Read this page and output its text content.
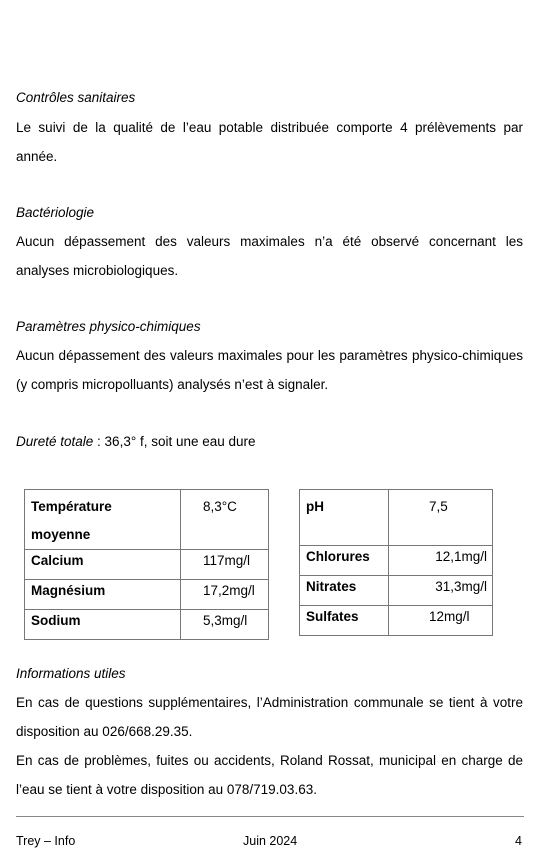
Contrôles sanitaires
Le suivi de la qualité de l’eau potable distribuée comporte 4 prélèvements par année.
Bactériologie
Aucun dépassement des valeurs maximales n’a été observé concernant les analyses microbiologiques.
Paramètres physico-chimiques
Aucun dépassement des valeurs maximales pour les paramètres physico-chimiques (y compris micropolluants) analysés n’est à signaler.
Dureté totale : 36,3° f, soit une eau dure
Température moyenne	8,3°C
Calcium	117mg/l
Magnésium	17,2mg/l
Sodium	5,3mg/l
pH	7,5
Chlorures	12,1mg/l
Nitrates	31,3mg/l
Sulfates	12mg/l
Informations utiles
En cas de questions supplémentaires, l’Administration communale se tient à votre disposition au 026/668.29.35.
En cas de problèmes, fuites ou accidents, Roland Rossat, municipal en charge de l’eau se tient à votre disposition au 078/719.03.63.
Trey – Info	Juin 2024	4
